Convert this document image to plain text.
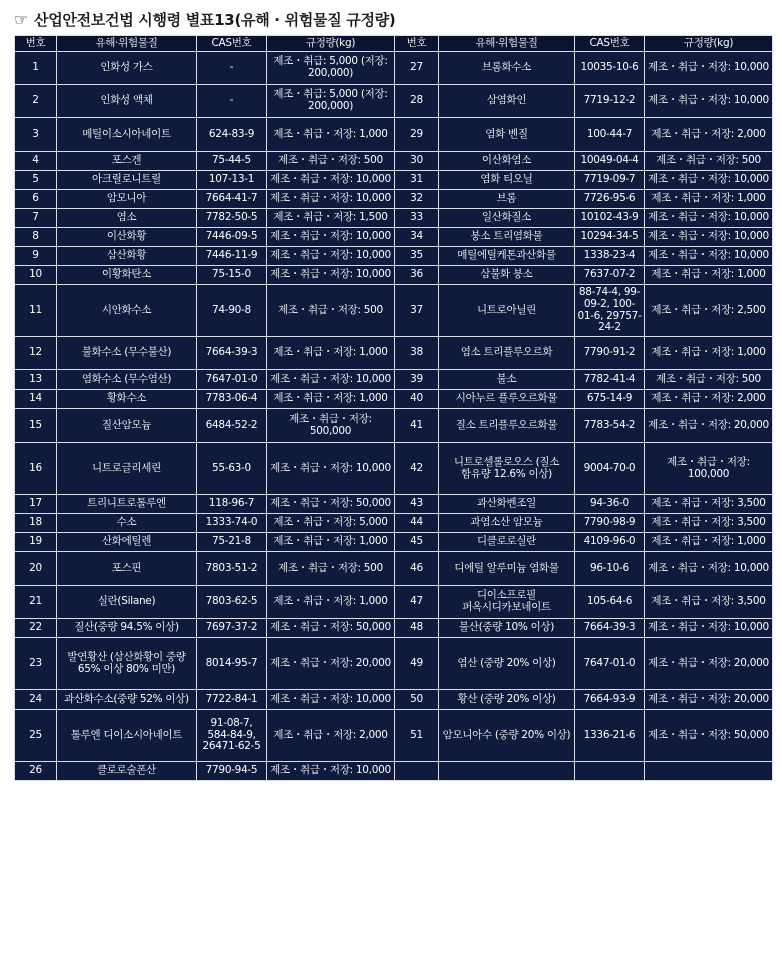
☞ 산업안전보건법 시행령 별표13(유해 · 위험물질 규정량)
번호	유해·위험물질	CAS번호	규정량(kg)	번호	유해·위험물질	CAS번호	규정량(kg)
1	인화성 가스	-	제조・취급: 5,000 (저장: 200,000)	27	브롬화수소	10035-10-6	제조・취급・저장: 10,000
2	인화성 액체	-	제조・취급: 5,000 (저장: 200,000)	28	삼염화인	7719-12-2	제조・취급・저장: 10,000
3	메틸이소시아네이트	624-83-9	제조・취급・저장: 1,000	29	염화 벤질	100-44-7	제조・취급・저장: 2,000
4	포스겐	75-44-5	제조・취급・저장: 500	30	이산화염소	10049-04-4	제조・취급・저장: 500
5	아크릴로니트릴	107-13-1	제조・취급・저장: 10,000	31	염화 티오닐	7719-09-7	제조・취급・저장: 10,000
6	암모니아	7664-41-7	제조・취급・저장: 10,000	32	브롬	7726-95-6	제조・취급・저장: 1,000
7	염소	7782-50-5	제조・취급・저장: 1,500	33	일산화질소	10102-43-9	제조・취급・저장: 10,000
8	이산화황	7446-09-5	제조・취급・저장: 10,000	34	붕소 트리염화물	10294-34-5	제조・취급・저장: 10,000
9	삼산화황	7446-11-9	제조・취급・저장: 10,000	35	메틸에틸케톤과산화물	1338-23-4	제조・취급・저장: 10,000
10	이황화탄소	75-15-0	제조・취급・저장: 10,000	36	삼불화 붕소	7637-07-2	제조・취급・저장: 1,000
11	시안화수소	74-90-8	제조・취급・저장: 500	37	니트로아닐린	88-74-4, 99-09-2, 100-01-6, 29757-24-2	제조・취급・저장: 2,500
12	불화수소 (무수불산)	7664-39-3	제조・취급・저장: 1,000	38	염소 트리플루오르화	7790-91-2	제조・취급・저장: 1,000
13	염화수소 (무수염산)	7647-01-0	제조・취급・저장: 10,000	39	불소	7782-41-4	제조・취급・저장: 500
14	황화수소	7783-06-4	제조・취급・저장: 1,000	40	시아누르 플루오르화물	675-14-9	제조・취급・저장: 2,000
15	질산암모늄	6484-52-2	제조・취급・저장: 500,000	41	질소 트리플루오르화물	7783-54-2	제조・취급・저장: 20,000
16	니트로글리세린	55-63-0	제조・취급・저장: 10,000	42	니트로셀롤로오스 (질소 함유량 12.6% 이상)	9004-70-0	제조・취급・저장: 100,000
17	트리니트로톨루엔	118-96-7	제조・취급・저장: 50,000	43	과산화벤조일	94-36-0	제조・취급・저장: 3,500
18	수소	1333-74-0	제조・취급・저장: 5,000	44	과염소산 암모늄	7790-98-9	제조・취급・저장: 3,500
19	산화에틸렌	75-21-8	제조・취급・저장: 1,000	45	디클로로실란	4109-96-0	제조・취급・저장: 1,000
20	포스핀	7803-51-2	제조・취급・저장: 500	46	디에틸 알루미늄 염화물	96-10-6	제조・취급・저장: 10,000
21	실란(Silane)	7803-62-5	제조・취급・저장: 1,000	47	디이소프로필 퍼옥시디카보네이트	105-64-6	제조・취급・저장: 3,500
22	질산(중량 94.5% 이상)	7697-37-2	제조・취급・저장: 50,000	48	불산(중량 10% 이상)	7664-39-3	제조・취급・저장: 10,000
23	발연황산 (삼산화황이 중량 65% 이상 80% 미만)	8014-95-7	제조・취급・저장: 20,000	49	염산 (중량 20% 이상)	7647-01-0	제조・취급・저장: 20,000
24	과산화수소(중량 52% 이상)	7722-84-1	제조・취급・저장: 10,000	50	황산 (중량 20% 이상)	7664-93-9	제조・취급・저장: 20,000
25	톨루엔 디이소시아네이트	91-08-7, 584-84-9, 26471-62-5	제조・취급・저장: 2,000	51	암모니아수 (중량 20% 이상)	1336-21-6	제조・취급・저장: 50,000
26	클로로술폰산	7790-94-5	제조・취급・저장: 10,000				
